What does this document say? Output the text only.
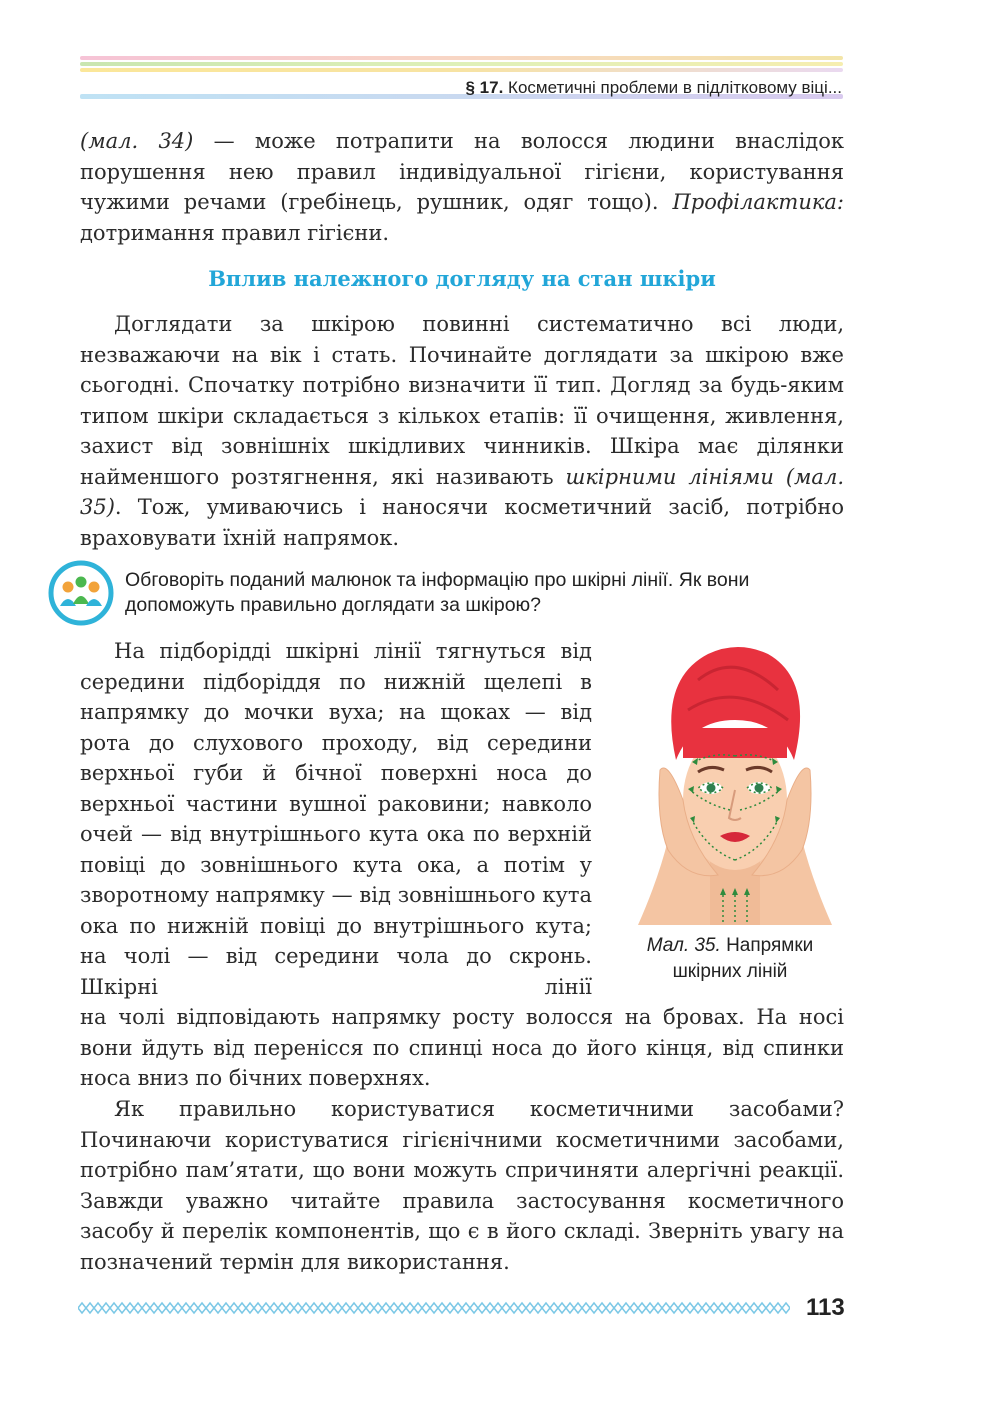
§ 17. Косметичні проблеми в підлітковому віці...

(мал. 34) — може потрапити на волосся людини внаслідок порушення нею правил індивідуальної гігієни, користування чужими речами (гребінець, рушник, одяг тощо). Профілактика: дотримання правил гігієни.

Вплив належного догляду на стан шкіри

Доглядати за шкірою повинні систематично всі люди, незважаючи на вік і стать. Починайте доглядати за шкірою вже сьогодні. Спочатку потрібно визначити її тип. Догляд за будь-яким типом шкіри складається з кількох етапів: її очищення, живлення, захист від зовнішніх шкідливих чинників. Шкіра має ділянки найменшого розтягнення, які називають шкірними лініями (мал. 35). Тож, умиваючись і наносячи косметичний засіб, потрібно враховувати їхній напрямок.

Обговоріть поданий малюнок та інформацію про шкірні лінії. Як вони допоможуть правильно доглядати за шкірою?

На підборідді шкірні лінії тягнуться від середини підборіддя по нижній щелепі в напрямку до мочки вуха; на щоках — від рота до слухового проходу, від середини верхньої губи й бічної поверхні носа до верхньої частини вушної раковини; навколо очей — від внутрішнього кута ока по верхній повіці до зовнішнього кута ока, а потім у зворотному напрямку — від зовнішнього кута ока по нижній повіці до внутрішнього кута; на чолі — від середини чола до скронь. Шкірні лінії

Мал. 35. Напрямки шкірних ліній

на чолі відповідають напрямку росту волосся на бровах. На носі вони йдуть від перенісся по спинці носа до його кінця, від спинки носа вниз по бічних поверхнях.

Як правильно користуватися косметичними засобами? Починаючи користуватися гігієнічними косметичними засобами, потрібно пам’ятати, що вони можуть спричиняти алергічні реакції. Завжди уважно читайте правила застосування косметичного засобу й перелік компонентів, що є в його складі. Зверніть увагу на позначений термін для використання.

113
